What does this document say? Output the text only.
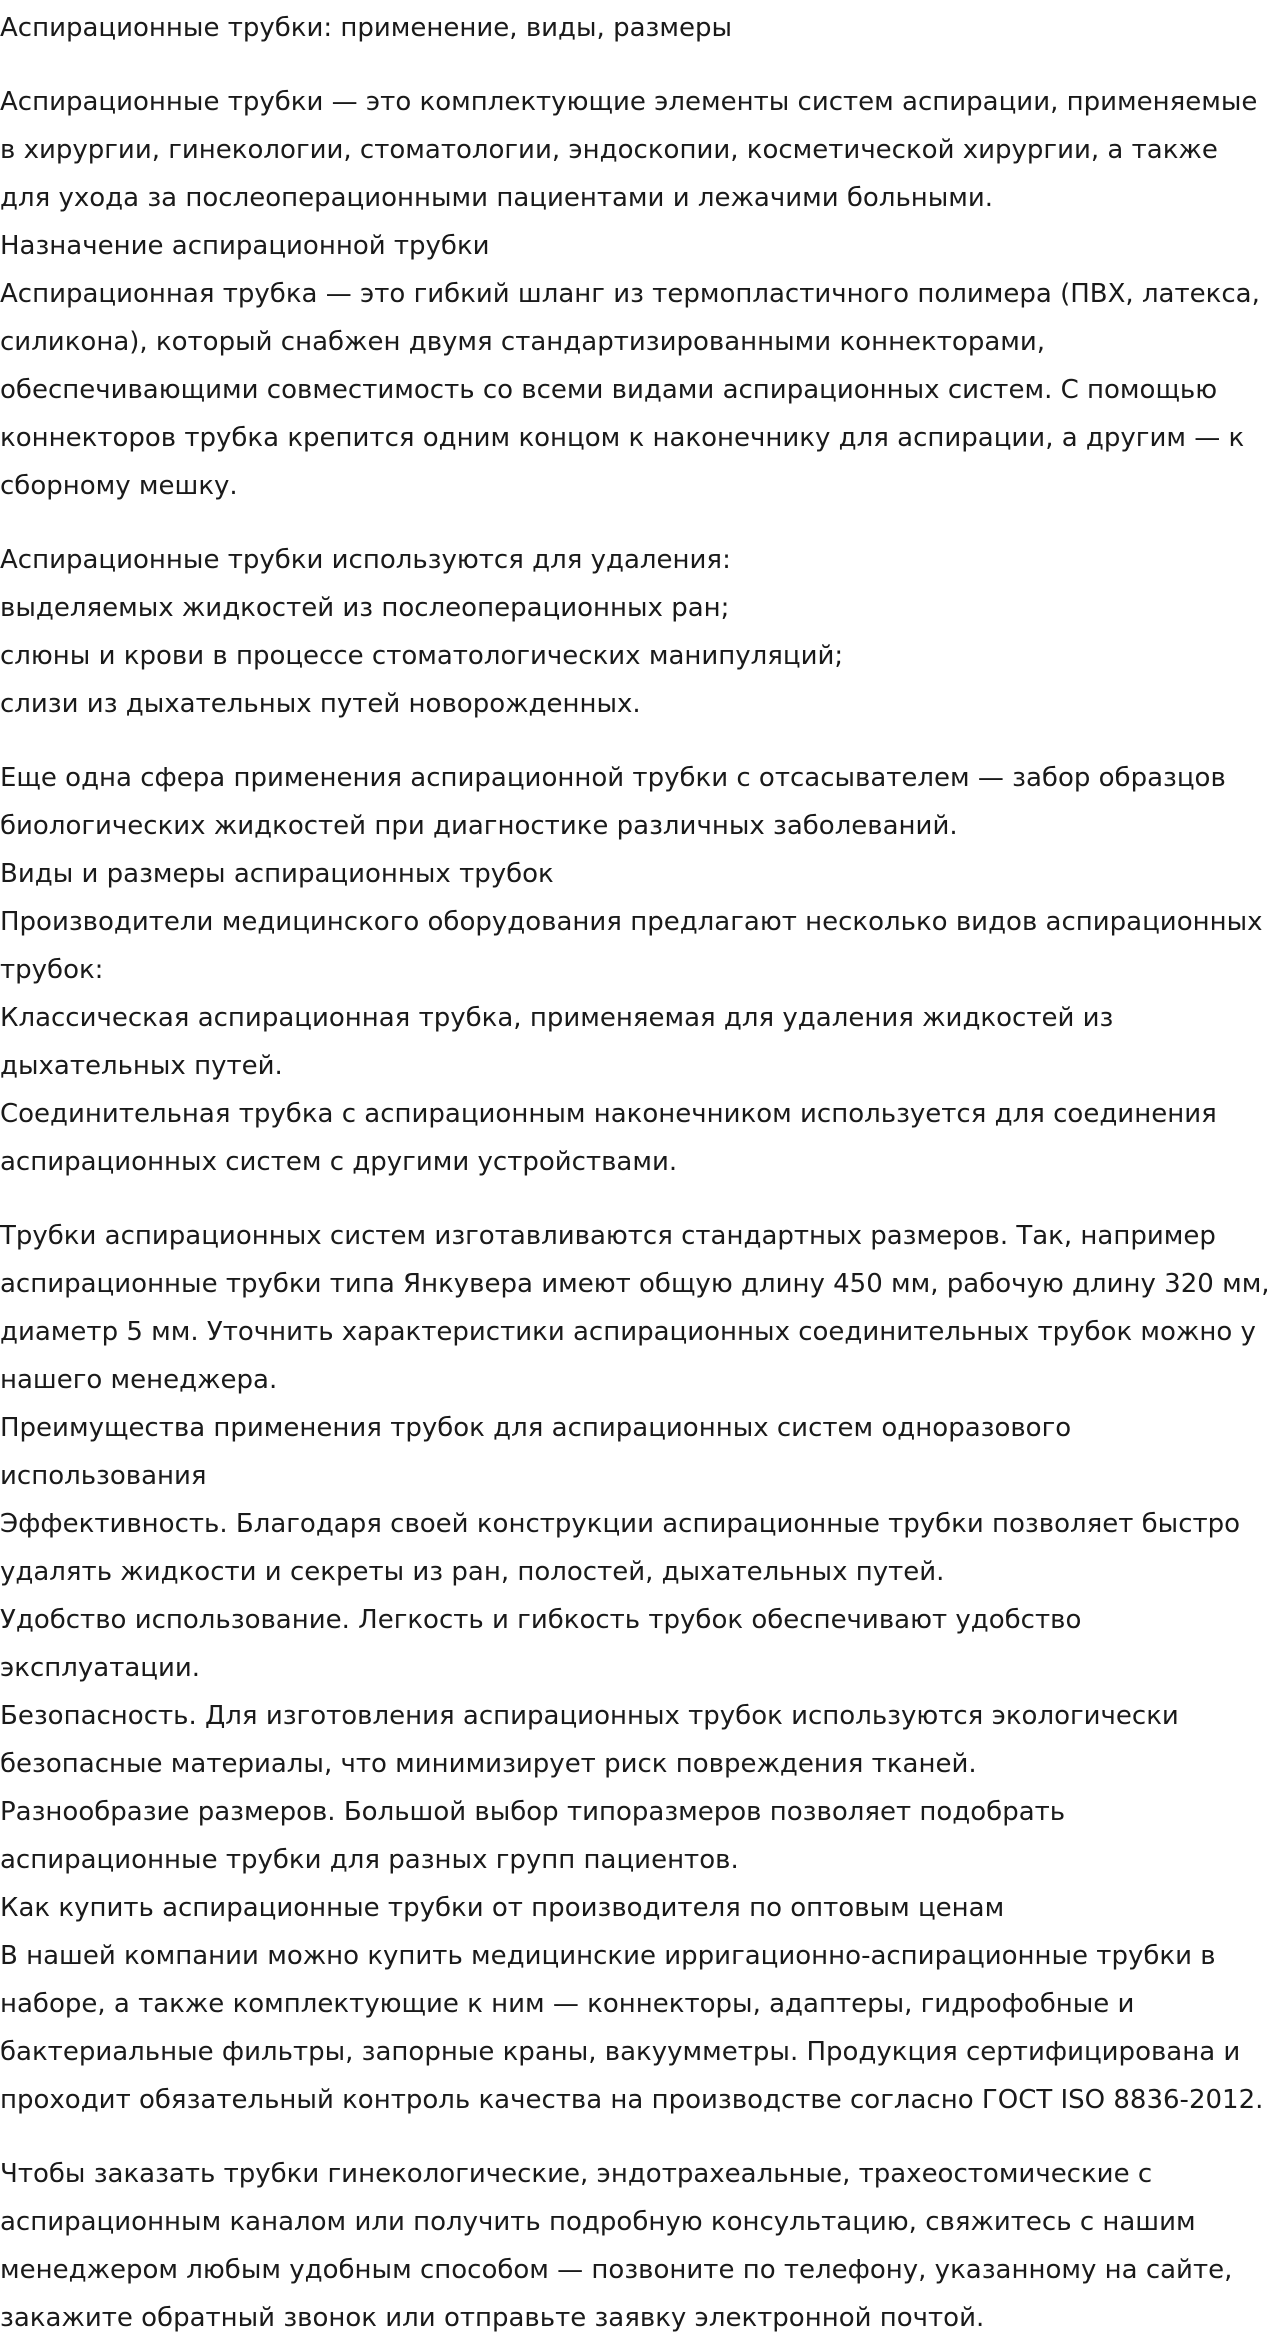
Аспирационные трубки: применение, виды, размеры
Аспирационные трубки — это комплектующие элементы систем аспирации, применяемые
в хирургии, гинекологии, стоматологии, эндоскопии, косметической хирургии, а также
для ухода за послеоперационными пациентами и лежачими больными.
Назначение аспирационной трубки
Аспирационная трубка — это гибкий шланг из термопластичного полимера (ПВХ, латекса,
силикона), который снабжен двумя стандартизированными коннекторами,
обеспечивающими совместимость со всеми видами аспирационных систем. С помощью
коннекторов трубка крепится одним концом к наконечнику для аспирации, а другим — к
сборному мешку.
Аспирационные трубки используются для удаления:
выделяемых жидкостей из послеоперационных ран;
слюны и крови в процессе стоматологических манипуляций;
слизи из дыхательных путей новорожденных.
Еще одна сфера применения аспирационной трубки с отсасывателем — забор образцов
биологических жидкостей при диагностике различных заболеваний.
Виды и размеры аспирационных трубок
Производители медицинского оборудования предлагают несколько видов аспирационных
трубок:
Классическая аспирационная трубка, применяемая для удаления жидкостей из
дыхательных путей.
Соединительная трубка с аспирационным наконечником используется для соединения
аспирационных систем с другими устройствами.
Трубки аспирационных систем изготавливаются стандартных размеров. Так, например
аспирационные трубки типа Янкувера имеют общую длину 450 мм, рабочую длину 320 мм,
диаметр 5 мм. Уточнить характеристики аспирационных соединительных трубок можно у
нашего менеджера.
Преимущества применения трубок для аспирационных систем одноразового
использования
Эффективность. Благодаря своей конструкции аспирационные трубки позволяет быстро
удалять жидкости и секреты из ран, полостей, дыхательных путей.
Удобство использование. Легкость и гибкость трубок обеспечивают удобство
эксплуатации.
Безопасность. Для изготовления аспирационных трубок используются экологически
безопасные материалы, что минимизирует риск повреждения тканей.
Разнообразие размеров. Большой выбор типоразмеров позволяет подобрать
аспирационные трубки для разных групп пациентов.
Как купить аспирационные трубки от производителя по оптовым ценам
В нашей компании можно купить медицинские ирригационно-аспирационные трубки в
наборе, а также комплектующие к ним — коннекторы, адаптеры, гидрофобные и
бактериальные фильтры, запорные краны, вакуумметры. Продукция сертифицирована и
проходит обязательный контроль качества на производстве согласно ГОСТ ISO 8836-2012.
Чтобы заказать трубки гинекологические, эндотрахеальные, трахеостомические с
аспирационным каналом или получить подробную консультацию, свяжитесь с нашим
менеджером любым удобным способом — позвоните по телефону, указанному на сайте,
закажите обратный звонок или отправьте заявку электронной почтой.
